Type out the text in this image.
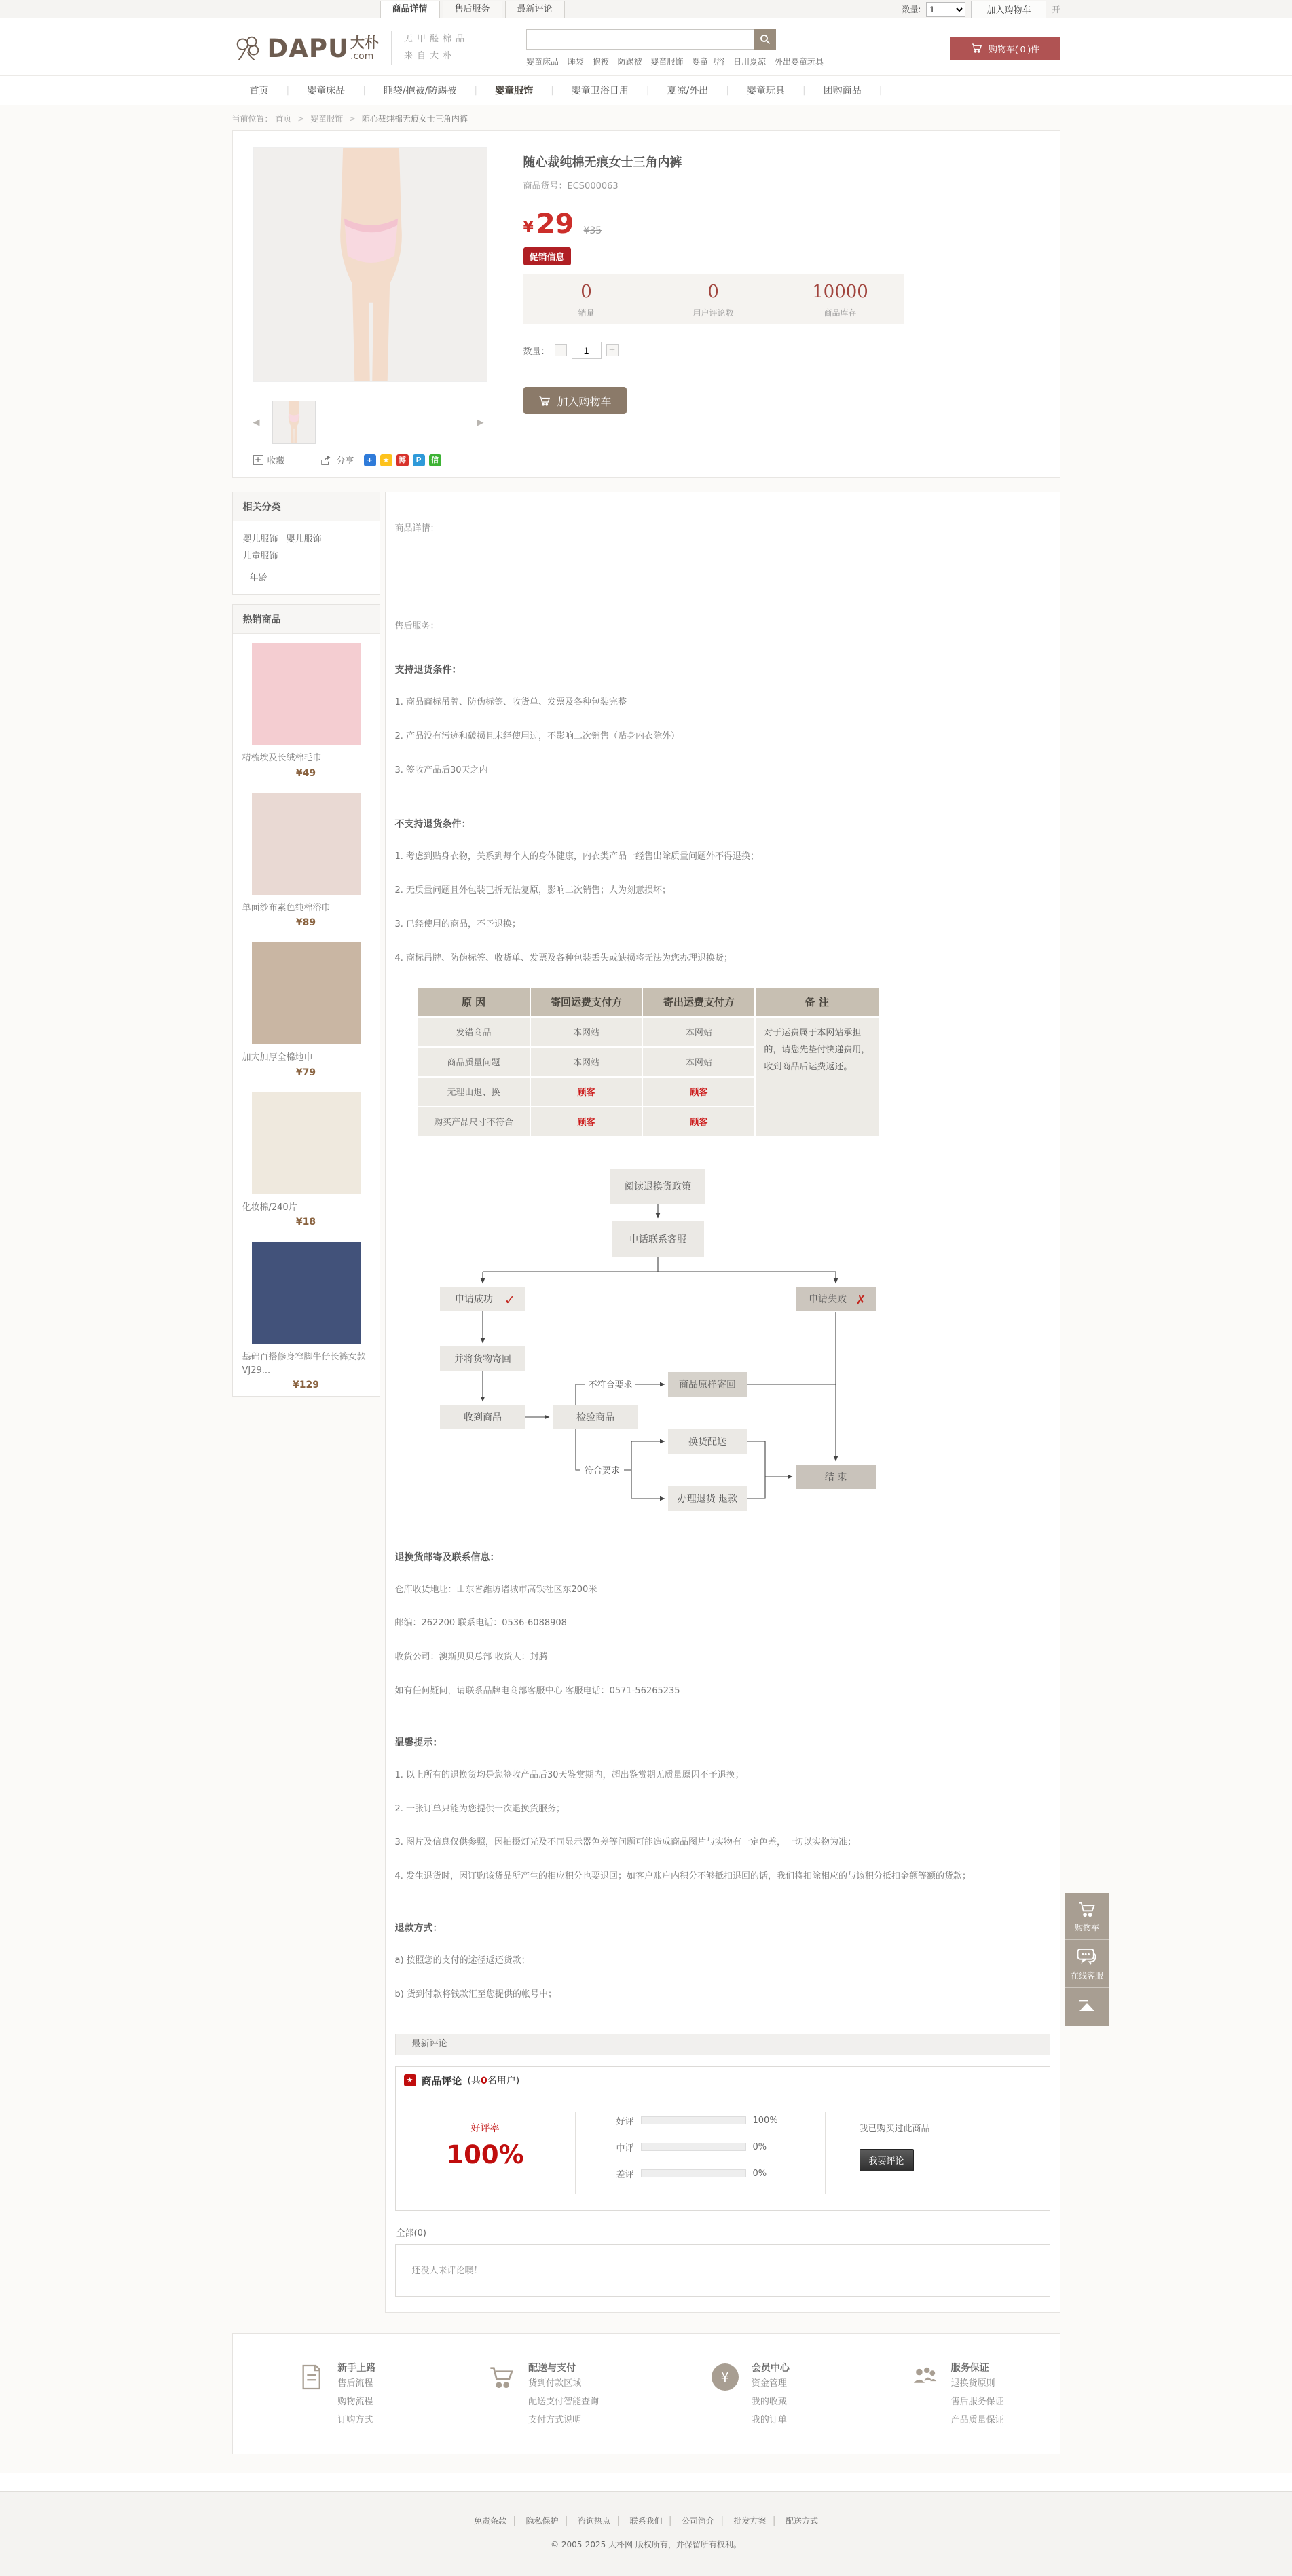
商品详情	售后服务	最新评论	数量:
1	加入购物车	开
DAPU 大朴
.com
无甲醛棉品
来自大朴
婴童床品 睡袋 抱被 防踢被 婴童服饰 婴童卫浴 日用夏凉 外出婴童玩具
购物车( 0 )件
首页	|	婴童床品	|	睡袋/抱被/防踢被	|	婴童服饰	|	婴童卫浴日用	|	夏凉/外出	|	婴童玩具	|	团购商品	|
当前位置： 首页 > 婴童服饰 > 随心裁纯棉无痕女士三角内裤
◀	▶
+ 收藏	分享	+	★	博	P	信
随心裁纯棉无痕女士三角内裤
商品货号：ECS000063
¥ 29 ¥35
促销信息
0
销量
0
用户评论数
10000
商品库存
数量：	-
1	+
加入购物车
相关分类
婴儿服饰 婴儿服饰 儿童服饰
年龄
热销商品
精梳埃及长绒棉毛巾
¥49
单面纱布素色纯棉浴巾
¥89
加大加厚全棉地巾
¥79
化妆棉/240片
¥18
基础百搭修身窄脚牛仔长裤女款VJ29...
¥129
商品详情：
售后服务：
支持退货条件：

1. 商品商标吊牌、防伪标签、收货单、发票及各种包装完整

2. 产品没有污迹和破损且未经使用过，不影响二次销售（贴身内衣除外）

3. 签收产品后30天之内

不支持退货条件：

1. 考虑到贴身衣物，关系到每个人的身体健康，内衣类产品一经售出除质量问题外不得退换；

2. 无质量问题且外包装已拆无法复原，影响二次销售；人为刻意损坏；

3. 已经使用的商品，不予退换；

4. 商标吊牌、防伪标签、收货单、发票及各种包装丢失或缺损将无法为您办理退换货；

原 因	寄回运费支付方	寄出运费支付方	备 注
发错商品	本网站	本网站	对于运费属于本网站承担的，请您先垫付快递费用，收到商品后运费返还。
商品质量问题	本网站	本网站	
无理由退、换	顾客	顾客	
购买产品尺寸不符合	顾客	顾客	
阅读退换货政策
电话联系客服
申请成功 ✓	申请失败 ✗
并将货物寄回
收到商品	检验商品
不符合要求	商品原样寄回
符合要求
换货配送
办理退货 退款
结 束
退换货邮寄及联系信息：

仓库收货地址：山东省潍坊诸城市高铁社区东200米

邮编：262200 联系电话：0536-6088908

收货公司：澳斯贝贝总部 收货人：封腾

如有任何疑问，请联系品牌电商部客服中心 客服电话：0571-56265235

温馨提示：

1. 以上所有的退换货均是您签收产品后30天鉴赏期内，超出鉴赏期无质量原因不予退换；

2. 一张订单只能为您提供一次退换货服务；

3. 图片及信息仅供参照，因拍摄灯光及不同显示器色差等问题可能造成商品图片与实物有一定色差，一切以实物为准；

4. 发生退货时，因订购该货品所产生的相应积分也要退回；如客户账户内积分不够抵扣退回的话，我们将扣除相应的与该积分抵扣金额等额的货款；

退款方式：

a) 按照您的支付的途径返还货款；

b) 货到付款将钱款汇至您提供的帐号中；

最新评论
★ 商品评论 (共0名用户)
好评率
100%
好评	100%
中评	0%
差评	0%
我已购买过此商品
我要评论
全部(0)
还没人来评论噢！
新手上路
售后流程
购物流程
订购方式
配送与支付
货到付款区域
配送支付智能查询
支付方式说明
¥
会员中心
资金管理
我的收藏
我的订单
服务保证
退换货原则
售后服务保证
产品质量保证
免责条款 | 隐私保护 | 咨询热点 | 联系我们 | 公司简介 | 批发方案 | 配送方式
© 2005-2025 大朴网 版权所有，并保留所有权利。
购物车
在线客服
